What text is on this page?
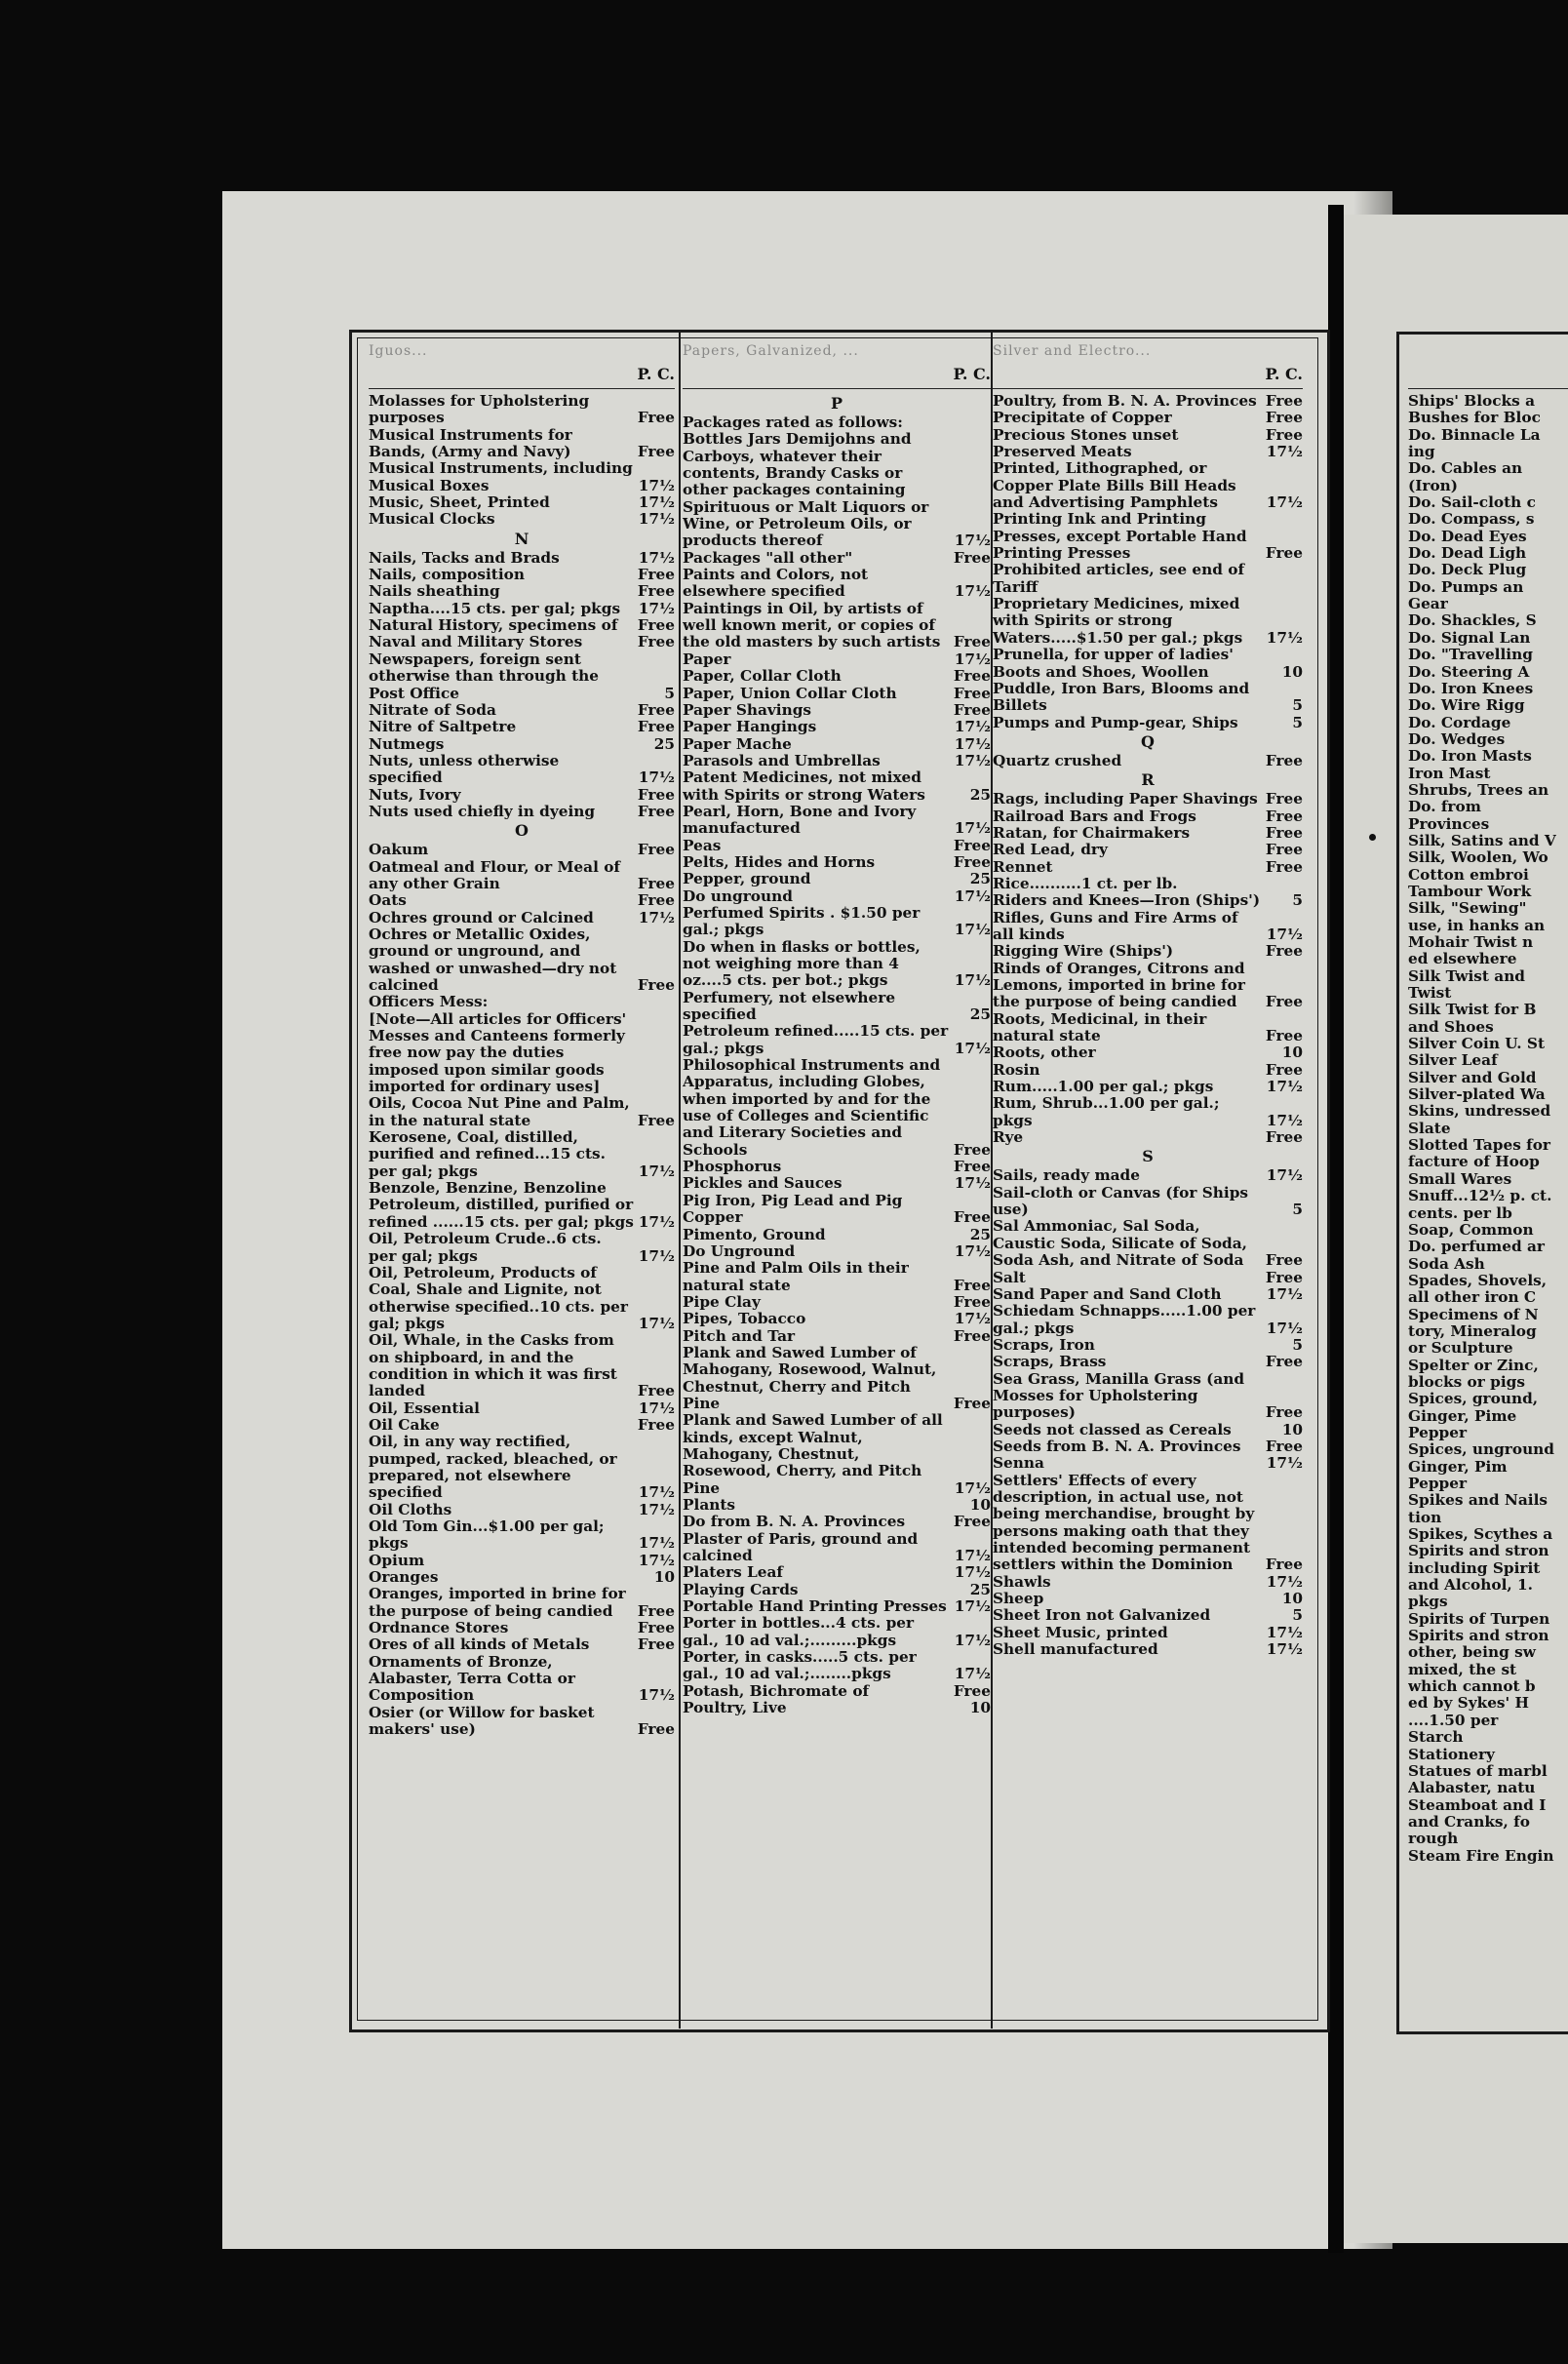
Iguos...
P. C.
Molasses for Upholstering purposes	Free
Musical Instruments for Bands, (Army and Navy)	Free
Musical Instruments, including Musical Boxes	17½
Music, Sheet, Printed	17½
Musical Clocks	17½
N
Nails, Tacks and Brads	17½
Nails, composition	Free
Nails sheathing	Free
Naptha....15 cts. per gal; pkgs	17½
Natural History, specimens of	Free
Naval and Military Stores	Free
Newspapers, foreign sent otherwise than through the Post Office	5
Nitrate of Soda	Free
Nitre of Saltpetre	Free
Nutmegs	25
Nuts, unless otherwise specified	17½
Nuts, Ivory	Free
Nuts used chiefly in dyeing	Free
O
Oakum	Free
Oatmeal and Flour, or Meal of any other Grain	Free
Oats	Free
Ochres ground or Calcined	17½
Ochres or Metallic Oxides, ground or unground, and washed or unwashed—dry not calcined	Free
Officers Mess:
[Note—All articles for Officers' Messes and Canteens formerly free now pay the duties imposed upon similar goods imported for ordinary uses]
Oils, Cocoa Nut Pine and Palm, in the natural state	Free
Kerosene, Coal, distilled, purified and refined...15 cts. per gal; pkgs	17½
Benzole, Benzine, Benzoline Petroleum, distilled, purified or refined ......15 cts. per gal; pkgs 17½
Oil, Petroleum Crude..6 cts. per gal; pkgs	17½
Oil, Petroleum, Products of Coal, Shale and Lignite, not otherwise specified..10 cts. per gal; pkgs	17½
Oil, Whale, in the Casks from on shipboard, in and the condition in which it was first landed	Free
Oil, Essential	17½
Oil Cake	Free
Oil, in any way rectified, pumped, racked, bleached, or prepared, not elsewhere specified	17½
Oil Cloths	17½
Old Tom Gin...$1.00 per gal; pkgs	17½
Opium	17½
Oranges	10
Oranges, imported in brine for the purpose of being candied	Free
Ordnance Stores	Free
Ores of all kinds of Metals	Free
Ornaments of Bronze, Alabaster, Terra Cotta or Composition	17½
Osier (or Willow for basket makers' use)	Free
Papers, Galvanized, ...
P. C.
P
Packages rated as follows: Bottles Jars Demijohns and Carboys, whatever their contents, Brandy Casks or other packages containing Spirituous or Malt Liquors or Wine, or Petroleum Oils, or products thereof	17½
Packages "all other"	Free
Paints and Colors, not elsewhere specified	17½
Paintings in Oil, by artists of well known merit, or copies of the old masters by such artists Free
Paper	17½
Paper, Collar Cloth	Free
Paper, Union Collar Cloth	Free
Paper Shavings	Free
Paper Hangings	17½
Paper Mache	17½
Parasols and Umbrellas	17½
Patent Medicines, not mixed with Spirits or strong Waters	25
Pearl, Horn, Bone and Ivory manufactured	17½
Peas	Free
Pelts, Hides and Horns	Free
Pepper, ground	25
Do unground	17½
Perfumed Spirits . $1.50 per gal.; pkgs	17½
Do when in flasks or bottles, not weighing more than 4 oz....5 cts. per bot.; pkgs	17½
Perfumery, not elsewhere specified	25
Petroleum refined.....15 cts. per gal.; pkgs	17½
Philosophical Instruments and Apparatus, including Globes, when imported by and for the use of Colleges and Scientific and Literary Societies and Schools	Free
Phosphorus	Free
Pickles and Sauces	17½
Pig Iron, Pig Lead and Pig Copper	Free
Pimento, Ground	25
Do Unground	17½
Pine and Palm Oils in their natural state	Free
Pipe Clay	Free
Pipes, Tobacco	17½
Pitch and Tar	Free
Plank and Sawed Lumber of Mahogany, Rosewood, Walnut, Chestnut, Cherry and Pitch Pine	Free
Plank and Sawed Lumber of all kinds, except Walnut, Mahogany, Chestnut, Rosewood, Cherry, and Pitch Pine	17½
Plants	10
Do from B. N. A. Provinces	Free
Plaster of Paris, ground and calcined	17½
Platers Leaf	17½
Playing Cards	25
Portable Hand Printing Presses 17½
Porter in bottles...4 cts. per gal., 10 ad val.;.........pkgs	17½
Porter, in casks.....5 cts. per gal., 10 ad val.;........pkgs	17½
Potash, Bichromate of	Free
Poultry, Live	10
Silver and Electro...
P. C.
Poultry, from B. N. A. Provinces Free
Precipitate of Copper	Free
Precious Stones unset	Free
Preserved Meats	17½
Printed, Lithographed, or Copper Plate Bills Bill Heads and Advertising Pamphlets	17½
Printing Ink and Printing Presses, except Portable Hand Printing Presses	Free
Prohibited articles, see end of Tariff
Proprietary Medicines, mixed with Spirits or strong Waters.....$1.50 per gal.; pkgs	17½
Prunella, for upper of ladies' Boots and Shoes, Woollen	10
Puddle, Iron Bars, Blooms and Billets	5
Pumps and Pump-gear, Ships	5
Q
Quartz crushed	Free
R
Rags, including Paper Shavings Free
Railroad Bars and Frogs	Free
Ratan, for Chairmakers	Free
Red Lead, dry	Free
Rennet	Free
Rice..........1 ct. per lb.
Riders and Knees—Iron (Ships')	5
Rifles, Guns and Fire Arms of all kinds	17½
Rigging Wire (Ships')	Free
Rinds of Oranges, Citrons and Lemons, imported in brine for the purpose of being candied	Free
Roots, Medicinal, in their natural state	Free
Roots, other	10
Rosin	Free
Rum.....1.00 per gal.; pkgs	17½
Rum, Shrub...1.00 per gal.; pkgs	17½
Rye	Free
S
Sails, ready made	17½
Sail-cloth or Canvas (for Ships use)	5
Sal Ammoniac, Sal Soda, Caustic Soda, Silicate of Soda, Soda Ash, and Nitrate of Soda	Free
Salt	Free
Sand Paper and Sand Cloth	17½
Schiedam Schnapps.....1.00 per gal.; pkgs	17½
Scraps, Iron	5
Scraps, Brass	Free
Sea Grass, Manilla Grass (and Mosses for Upholstering purposes)	Free
Seeds not classed as Cereals	10
Seeds from B. N. A. Provinces	Free
Senna	17½
Settlers' Effects of every description, in actual use, not being merchandise, brought by persons making oath that they intended becoming permanent settlers within the Dominion	Free
Shawls	17½
Sheep	10
Sheet Iron not Galvanized	5
Sheet Music, printed	17½
Shell manufactured	17½
Ships' Blocks a
Bushes for Bloc
Do. Binnacle La
ing
Do. Cables an
(Iron)
Do. Sail-cloth c
Do. Compass, s
Do. Dead Eyes
Do. Dead Ligh
Do. Deck Plug
Do. Pumps an
Gear
Do. Shackles, S
Do. Signal Lan
Do. "Travelling
Do. Steering A
Do. Iron Knees
Do. Wire Rigg
Do. Cordage
Do. Wedges
Do. Iron Masts
Iron Mast
Shrubs, Trees an
Do. from
Provinces
Silk, Satins and V
Silk, Woolen, Wo
Cotton embroi
Tambour Work
Silk, "Sewing"
use, in hanks an
Mohair Twist n
ed elsewhere
Silk Twist and
Twist
Silk Twist for B
and Shoes
Silver Coin U. St
Silver Leaf
Silver and Gold
Silver-plated Wa
Skins, undressed
Slate
Slotted Tapes for
facture of Hoop
Small Wares
Snuff...12½ p. ct.
cents. per lb
Soap, Common
Do. perfumed ar
Soda Ash
Spades, Shovels,
all other iron C
Specimens of N
tory, Mineralog
or Sculpture
Spelter or Zinc,
blocks or pigs
Spices, ground,
Ginger, Pime
Pepper
Spices, unground
Ginger, Pim
Pepper
Spikes and Nails
tion
Spikes, Scythes a
Spirits and stron
including Spirit
and Alcohol, 1.
pkgs
Spirits of Turpen
Spirits and stron
other, being sw
mixed, the st
which cannot b
ed by Sykes' H
....1.50 per
Starch
Stationery
Statues of marbl
Alabaster, natu
Steamboat and I
and Cranks, fo
rough
Steam Fire Engin
